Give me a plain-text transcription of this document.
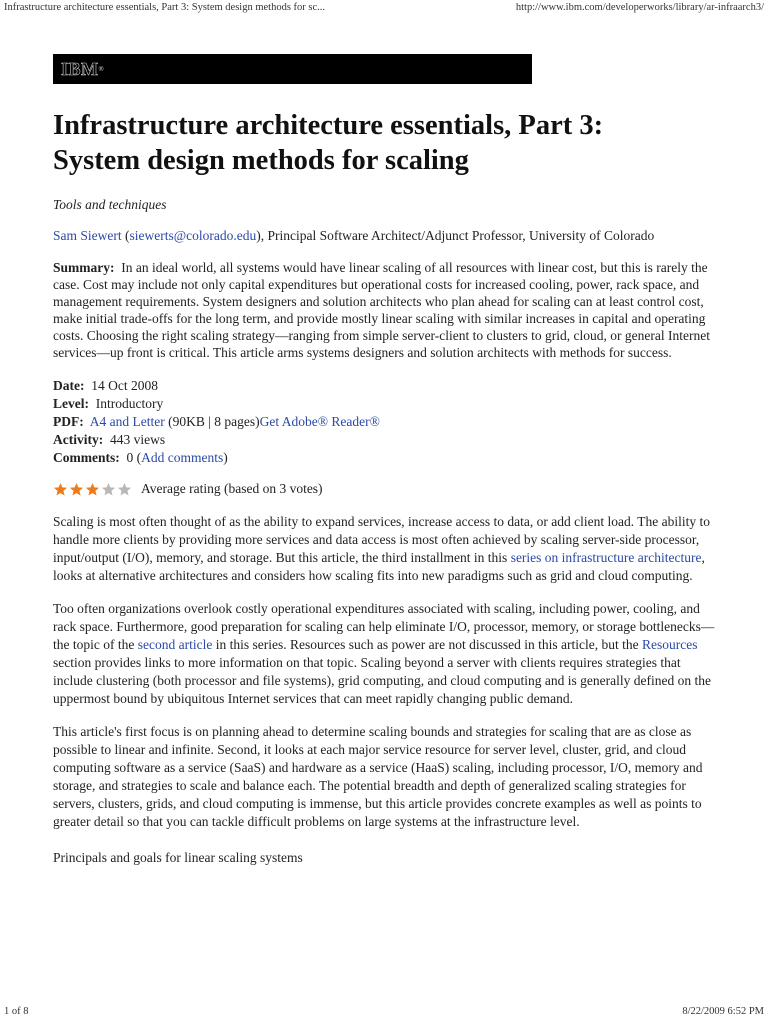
Infrastructure architecture essentials, Part 3: System design methods for sc...	http://www.ibm.com/developerworks/library/ar-infraarch3/
IBM®
Infrastructure architecture essentials, Part 3:
System design methods for scaling
Tools and techniques
Sam Siewert (siewerts@colorado.edu), Principal Software Architect/Adjunct Professor, University of Colorado
Summary: In an ideal world, all systems would have linear scaling of all resources with linear cost, but this is rarely the case. Cost may include not only capital expenditures but operational costs for increased cooling, power, rack space, and management requirements. System designers and solution architects who plan ahead for scaling can at least control cost, make initial trade-offs for the long term, and provide mostly linear scaling with similar increases in capital and operating costs. Choosing the right scaling strategy—ranging from simple server-client to clusters to grid, cloud, or general Internet services—up front is critical. This article arms systems designers and solution architects with methods for success.
Date: 14 Oct 2008
Level: Introductory
PDF: A4 and Letter (90KB | 8 pages)Get Adobe® Reader®
Activity: 443 views
Comments: 0 (Add comments)
Average rating (based on 3 votes)
Scaling is most often thought of as the ability to expand services, increase access to data, or add client load. The ability to handle more clients by providing more services and data access is most often achieved by scaling server-side processor, input/output (I/O), memory, and storage. But this article, the third installment in this series on infrastructure architecture, looks at alternative architectures and considers how scaling fits into new paradigms such as grid and cloud computing.
Too often organizations overlook costly operational expenditures associated with scaling, including power, cooling, and rack space. Furthermore, good preparation for scaling can help eliminate I/O, processor, memory, or storage bottlenecks—the topic of the second article in this series. Resources such as power are not discussed in this article, but the Resources section provides links to more information on that topic. Scaling beyond a server with clients requires strategies that include clustering (both processor and file systems), grid computing, and cloud computing and is generally defined on the uppermost bound by ubiquitous Internet services that can meet rapidly changing public demand.
This article's first focus is on planning ahead to determine scaling bounds and strategies for scaling that are as close as possible to linear and infinite. Second, it looks at each major service resource for server level, cluster, grid, and cloud computing software as a service (SaaS) and hardware as a service (HaaS) scaling, including processor, I/O, memory and storage, and strategies to scale and balance each. The potential breadth and depth of generalized scaling strategies for servers, clusters, grids, and cloud computing is immense, but this article provides concrete examples as well as points to greater detail so that you can tackle difficult problems on large systems at the infrastructure level.
Principals and goals for linear scaling systems
1 of 8	8/22/2009 6:52 PM
